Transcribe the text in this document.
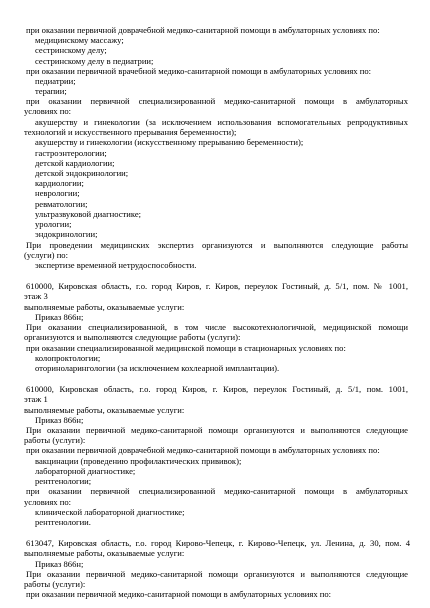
при оказании первичной доврачебной медико-санитарной помощи в амбулаторных условиях по:
медицинскому массажу;
сестринскому делу;
сестринскому делу в педиатрии;
при оказании первичной врачебной медико-санитарной помощи в амбулаторных условиях по:
педиатрии;
терапии;
при оказании первичной специализированной медико-санитарной помощи в амбулаторных
условиях по:
акушерству и гинекологии (за исключением использования вспомогательных репродуктивных
технологий и искусственного прерывания беременности);
акушерству и гинекологии (искусственному прерыванию беременности);
гастроэнтерологии;
детской кардиологии;
детской эндокринологии;
кардиологии;
неврологии;
ревматологии;
ультразвуковой диагностике;
урологии;
эндокринологии;
При проведении медицинских экспертиз организуются и выполняются следующие работы
(услуги) по:
экспертизе временной нетрудоспособности.
610000, Кировская область, г.о. город Киров, г. Киров, переулок Гостиный, д. 5/1, пом. № 1001,
этаж 3
выполняемые работы, оказываемые услуги:
Приказ 866н;
При оказании специализированной, в том числе высокотехнологичной, медицинской помощи
организуются и выполняются следующие работы (услуги):
при оказании специализированной медицинской помощи в стационарных условиях по:
колопроктологии;
оториноларингологии (за исключением кохлеарной имплантации).
610000, Кировская область, г.о. город Киров, г. Киров, переулок Гостиный, д. 5/1, пом. 1001,
этаж 1
выполняемые работы, оказываемые услуги:
Приказ 866н;
При оказании первичной медико-санитарной помощи организуются и выполняются следующие
работы (услуги):
при оказании первичной доврачебной медико-санитарной помощи в амбулаторных условиях по:
вакцинации (проведению профилактических прививок);
лабораторной диагностике;
рентгенологии;
при оказании первичной специализированной медико-санитарной помощи в амбулаторных
условиях по:
клинической лабораторной диагностике;
рентгенологии.
613047, Кировская область, г.о. город Кирово-Чепецк, г. Кирово-Чепецк, ул. Ленина, д. 30, пом. 4
выполняемые работы, оказываемые услуги:
Приказ 866н;
При оказании первичной медико-санитарной помощи организуются и выполняются следующие
работы (услуги):
при оказании первичной медико-санитарной помощи в амбулаторных условиях по:
